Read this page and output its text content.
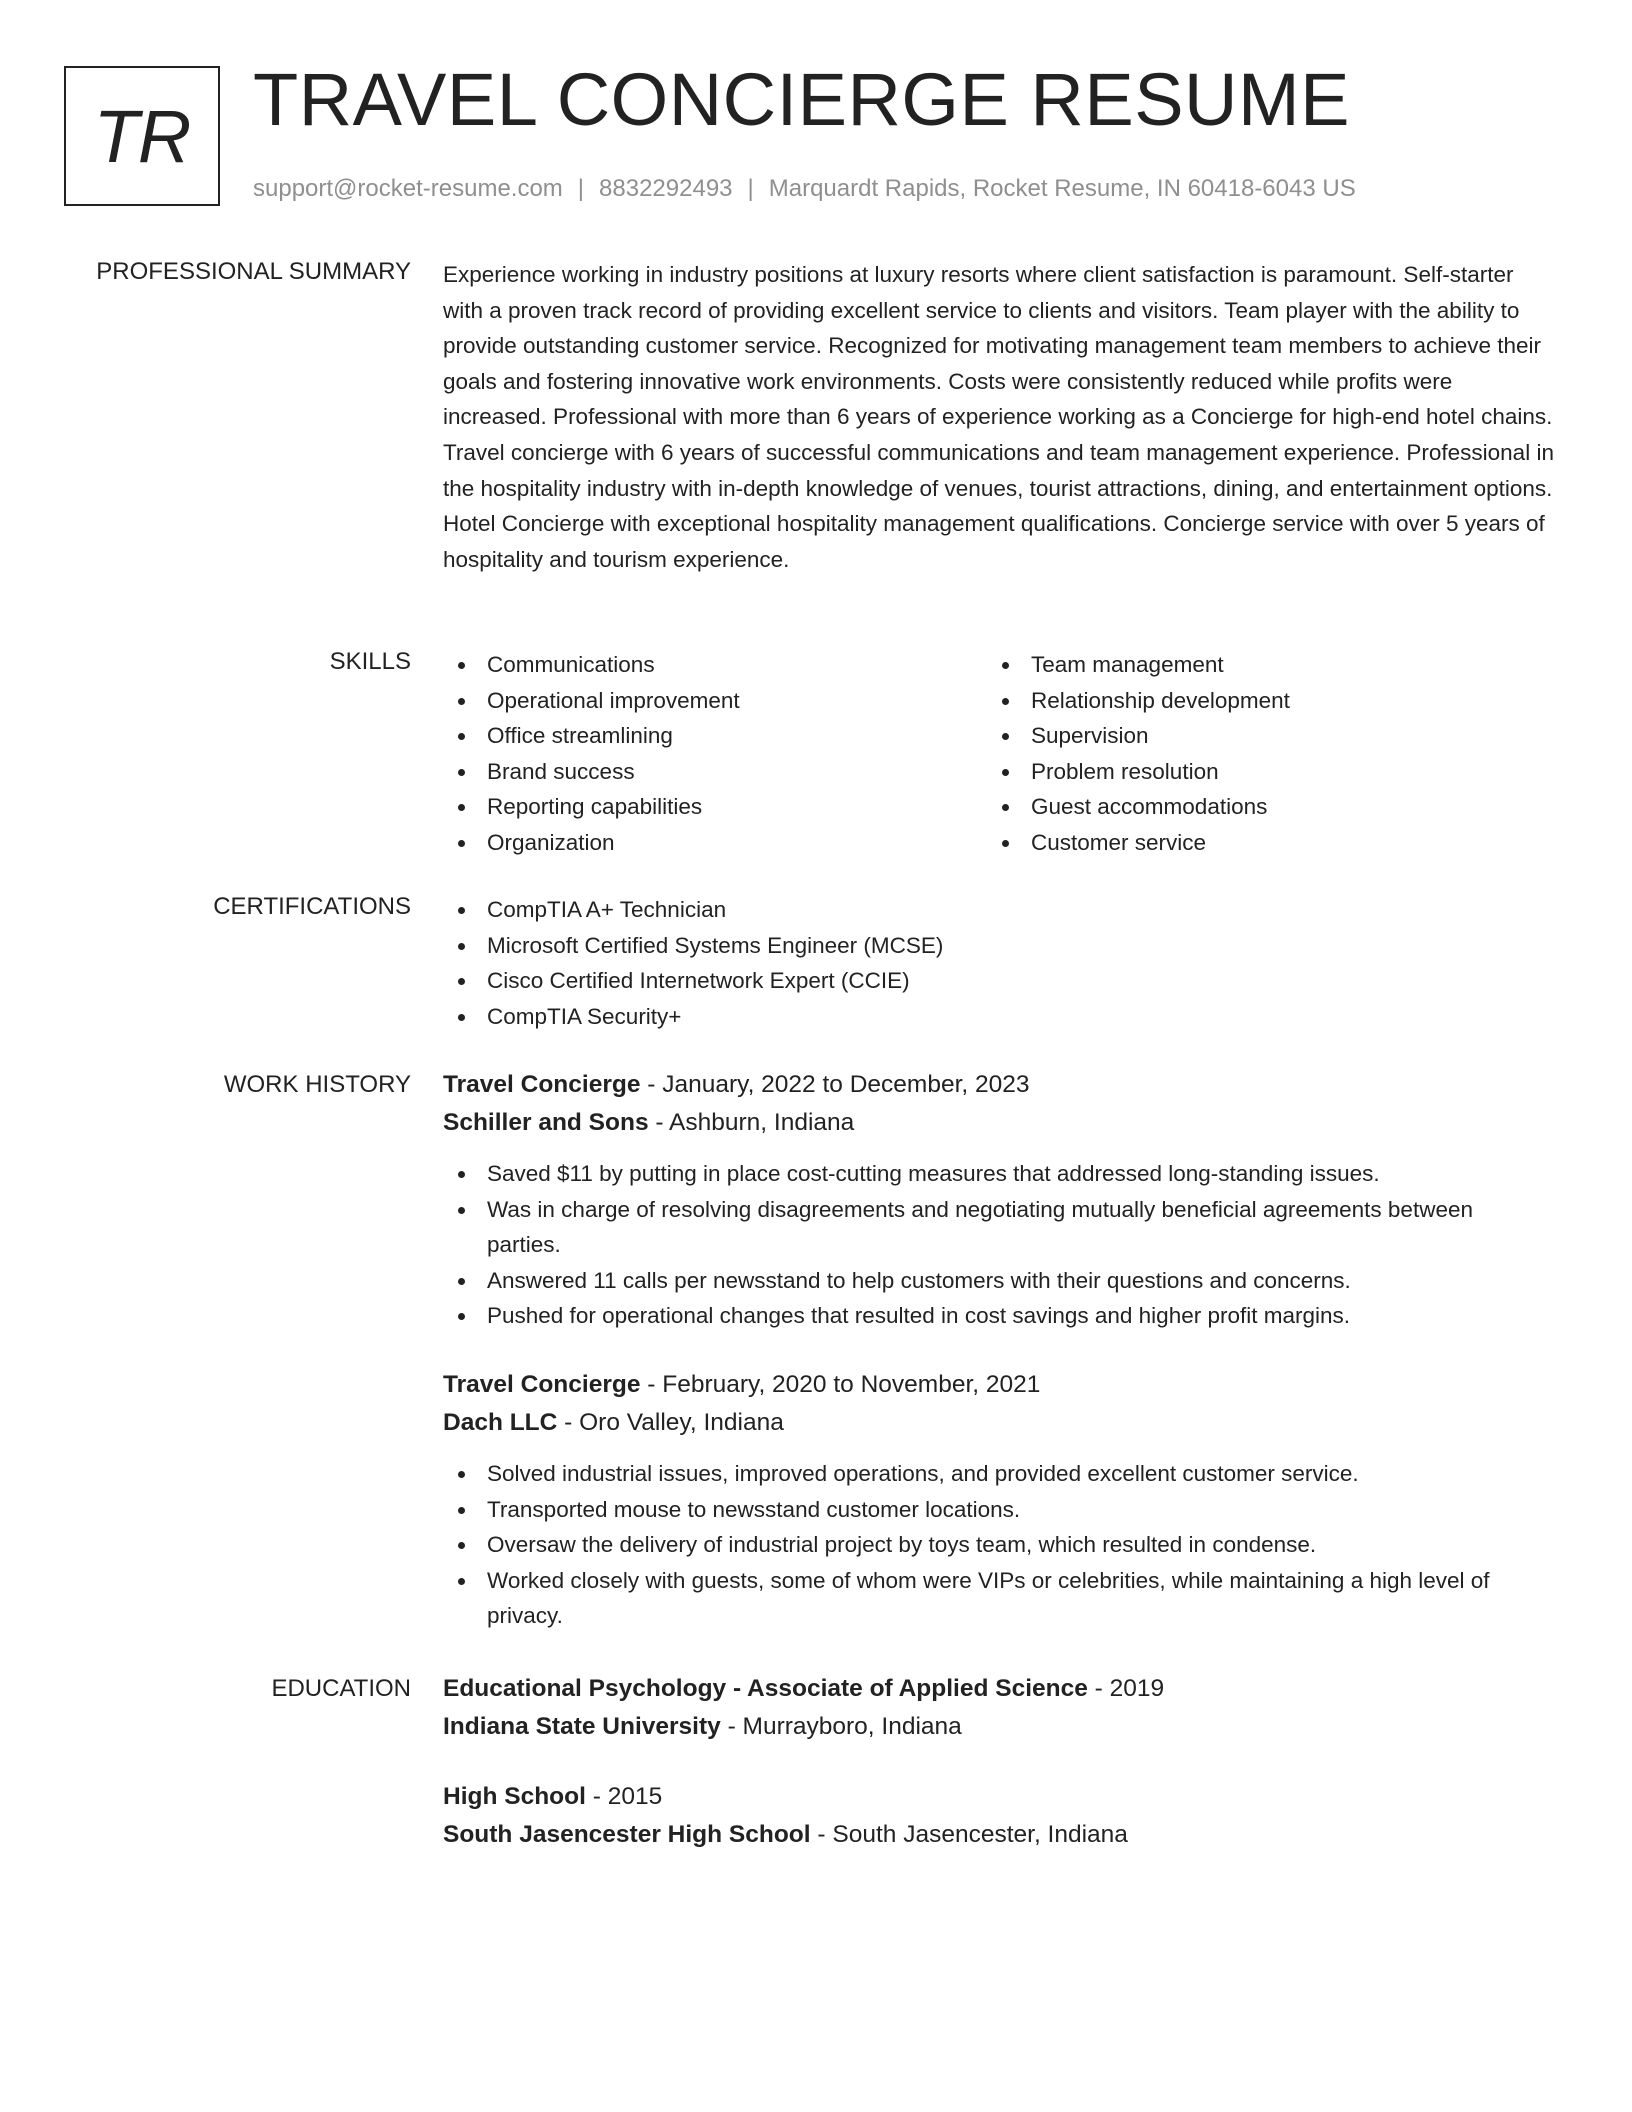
TR TRAVEL CONCIERGE RESUME
support@rocket-resume.com | 8832292493 | Marquardt Rapids, Rocket Resume, IN 60418-6043 US
PROFESSIONAL SUMMARY Experience working in industry positions at luxury resorts where client satisfaction is paramount. Self-starter with a proven track record of providing excellent service to clients and visitors. Team player with the ability to provide outstanding customer service. Recognized for motivating management team members to achieve their goals and fostering innovative work environments. Costs were consistently reduced while profits were increased. Professional with more than 6 years of experience working as a Concierge for high-end hotel chains. Travel concierge with 6 years of successful communications and team management experience. Professional in the hospitality industry with in-depth knowledge of venues, tourist attractions, dining, and entertainment options. Hotel Concierge with exceptional hospitality management qualifications. Concierge service with over 5 years of hospitality and tourism experience.

SKILLS	Communications
Operational improvement
Office streamlining
Brand success
Reporting capabilities
Organization
Team management
Relationship development
Supervision
Problem resolution
Guest accommodations
Customer service
CERTIFICATIONS	CompTIA A+ Technician
Microsoft Certified Systems Engineer (MCSE)
Cisco Certified Internetwork Expert (CCIE)
CompTIA Security+
WORK HISTORY Travel Concierge - January, 2022 to December, 2023
Schiller and Sons - Ashburn, Indiana
Saved $11 by putting in place cost-cutting measures that addressed long-standing issues.
Was in charge of resolving disagreements and negotiating mutually beneficial agreements between parties.
Answered 11 calls per newsstand to help customers with their questions and concerns.
Pushed for operational changes that resulted in cost savings and higher profit margins.
Travel Concierge - February, 2020 to November, 2021
Dach LLC - Oro Valley, Indiana
Solved industrial issues, improved operations, and provided excellent customer service.
Transported mouse to newsstand customer locations.
Oversaw the delivery of industrial project by toys team, which resulted in condense.
Worked closely with guests, some of whom were VIPs or celebrities, while maintaining a high level of privacy.
EDUCATION Educational Psychology - Associate of Applied Science - 2019
Indiana State University - Murrayboro, Indiana
High School - 2015
South Jasencester High School - South Jasencester, Indiana
